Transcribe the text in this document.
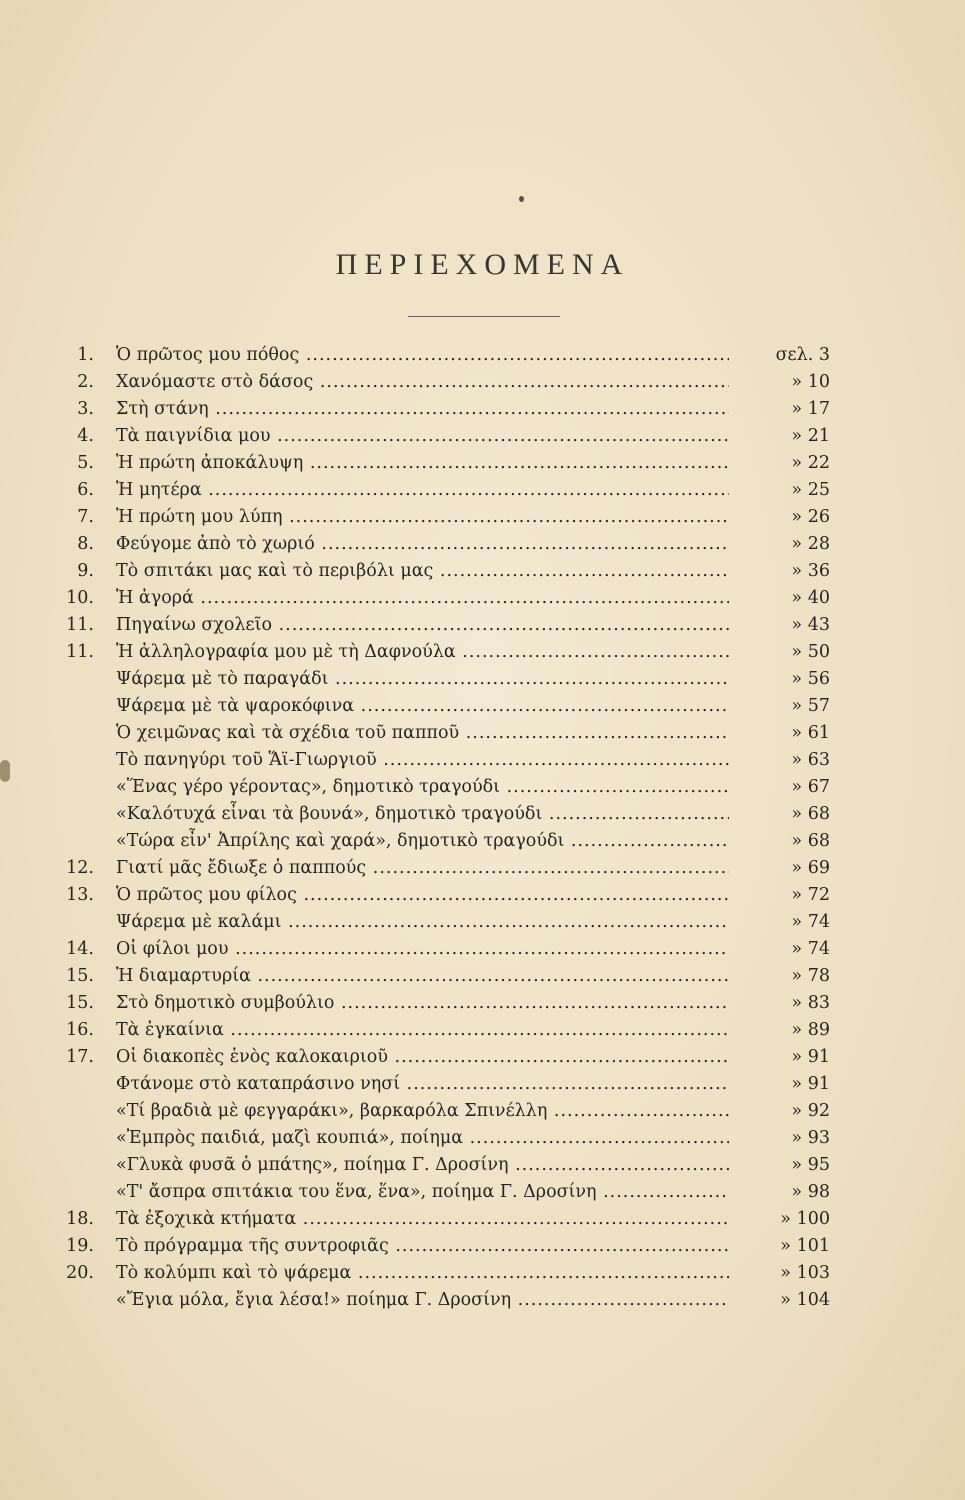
ΠΕΡΙΕΧΟΜΕΝΑ
1. Ὁ πρῶτος μου πόθος .....	σελ. 3
2. Χανόμαστε στὸ δάσος .....	» 10
3. Στὴ στάνη .....	» 17
4. Τὰ παιγνίδια μου .....	» 21
5. Ἡ πρώτη ἀποκάλυψη .....	» 22
6. Ἡ μητέρα .....	» 25
7. Ἡ πρώτη μου λύπη .....	» 26
8. Φεύγομε ἀπὸ τὸ χωριό .....	» 28
9. Τὸ σπιτάκι μας καὶ τὸ περιβόλι μας .....	» 36
10. Ἡ ἀγορά .....	» 40
11. Πηγαίνω σχολεῖο .....	» 43
11. Ἡ ἀλληλογραφία μου μὲ τὴ Δαφνούλα .....	» 50
Ψάρεμα μὲ τὸ παραγάδι .....	» 56
Ψάρεμα μὲ τὰ ψαροκόφινα .....	» 57
Ὁ χειμῶνας καὶ τὰ σχέδια τοῦ παπποῦ .....	» 61
Τὸ πανηγύρι τοῦ Ἅϊ-Γιωργιοῦ .....	» 63
«Ἕνας γέρο γέροντας», δημοτικὸ τραγούδι .....	» 67
«Καλότυχά εἶναι τὰ βουνά», δημοτικὸ τραγούδι .....	» 68
«Τώρα εἶν' Ἀπρίλης καὶ χαρά», δημοτικὸ τραγούδι .....	» 68
12. Γιατί μᾶς ἔδιωξε ὁ παππούς .....	» 69
13. Ὁ πρῶτος μου φίλος .....	» 72
Ψάρεμα μὲ καλάμι .....	» 74
14. Οἱ φίλοι μου .....	» 74
15. Ἡ διαμαρτυρία .....	» 78
15. Στὸ δημοτικὸ συμβούλιο .....	» 83
16. Τὰ ἐγκαίνια .....	» 89
17. Οἱ διακοπὲς ἑνὸς καλοκαιριοῦ .....	» 91
Φτάνομε στὸ καταπράσινο νησί .....	» 91
«Τί βραδιὰ μὲ φεγγαράκι», βαρκαρόλα Σπινέλλη .....	» 92
«Ἐμπρὸς παιδιά, μαζὶ κουπιά», ποίημα .....	» 93
«Γλυκὰ φυσᾶ ὁ μπάτης», ποίημα Γ. Δροσίνη .....	» 95
«Τ' ἄσπρα σπιτάκια του ἕνα, ἕνα», ποίημα Γ. Δροσίνη .....	» 98
18. Τὰ ἐξοχικὰ κτήματα .....	» 100
19. Τὸ πρόγραμμα τῆς συντροφιᾶς .....	» 101
20. Τὸ κολύμπι καὶ τὸ ψάρεμα .....	» 103
«Ἔγια μόλα, ἔγια λέσα!» ποίημα Γ. Δροσίνη .....	» 104
